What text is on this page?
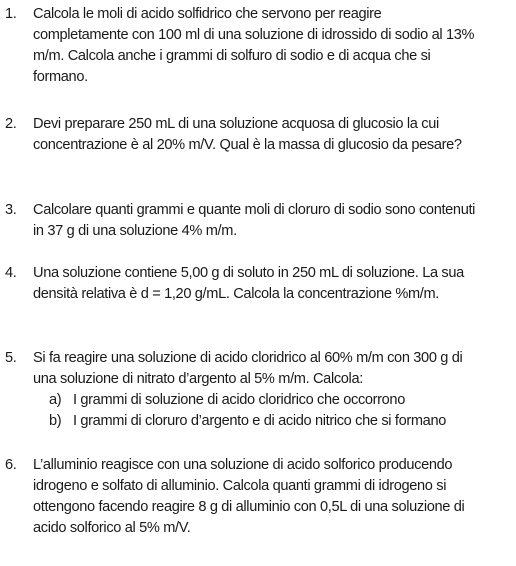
1. Calcola le moli di acido solfidrico che servono per reagire
completamente con 100 ml di una soluzione di idrossido di sodio al 13%
m/m. Calcola anche i grammi di solfuro di sodio e di acqua che si
formano.
2. Devi preparare 250 mL di una soluzione acquosa di glucosio la cui
concentrazione è al 20% m/V. Qual è la massa di glucosio da pesare?
3. Calcolare quanti grammi e quante moli di cloruro di sodio sono contenuti
in 37 g di una soluzione 4% m/m.
4. Una soluzione contiene 5,00 g di soluto in 250 mL di soluzione. La sua
densità relativa è d = 1,20 g/mL. Calcola la concentrazione %m/m.
5. Si fa reagire una soluzione di acido cloridrico al 60% m/m con 300 g di
una soluzione di nitrato d’argento al 5% m/m. Calcola:
a) I grammi di soluzione di acido cloridrico che occorrono
b) I grammi di cloruro d’argento e di acido nitrico che si formano
6. L’alluminio reagisce con una soluzione di acido solforico producendo
idrogeno e solfato di alluminio. Calcola quanti grammi di idrogeno si
ottengono facendo reagire 8 g di alluminio con 0,5L di una soluzione di
acido solforico al 5% m/V.
